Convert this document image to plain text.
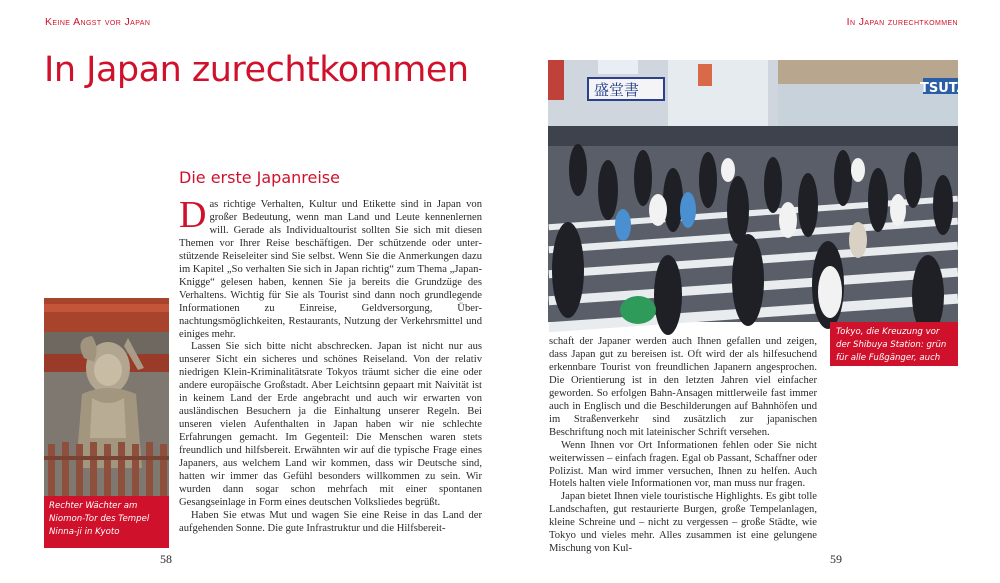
Keine Angst vor Japan
In Japan zurechtkommen
Die erste Japanreise

Das richtige Verhalten, Kultur und Etikette sind in Japan von großer Bedeutung, wenn man Land und Leute kennenlernen will. Gerade als Individualtourist sollten Sie sich mit diesen Themen vor Ihrer Reise beschäftigen. Der schützende oder unterstützende Reiseleiter sind Sie selbst. Wenn Sie die Anmerkungen dazu im Kapitel „So verhalten Sie sich in Japan richtig“ zum Thema „Japan-Knigge“ gelesen haben, kennen Sie ja bereits die Grundzüge des Verhaltens. Wichtig für Sie als Tourist sind dann noch grundlegende Informationen zu Einreise, Geldversorgung, Übernachtungsmöglichkeiten, Restaurants, Nutzung der Verkehrsmittel und einiges mehr.

Lassen Sie sich bitte nicht abschrecken. Japan ist nicht nur aus unserer Sicht ein sicheres und schönes Reiseland. Von der relativ niedrigen Klein-Kriminalitätsrate Tokyos träumt sicher die eine oder andere europäische Großstadt. Aber Leichtsinn gepaart mit Naivität ist in keinem Land der Erde angebracht und auch wir erwarten von ausländischen Besuchern ja die Einhaltung unserer Regeln. Bei unseren vielen Aufenthalten in Japan haben wir nie schlechte Erfahrungen gemacht. Im Gegenteil: Die Menschen waren stets freundlich und hilfsbereit. Erwähnten wir auf die typische Frage eines Japaners, aus welchem Land wir kommen, dass wir Deutsche sind, hatten wir immer das Gefühl besonders willkommen zu sein. Wir wurden dann sogar schon mehrfach mit einer spontanen Gesangseinlage in Form eines deutschen Volksliedes begrüßt.

Haben Sie etwas Mut und wagen Sie eine Reise in das Land der aufgehenden Sonne. Die gute Infrastruktur und die Hilfsbereit-

Rechter Wächter am Niomon-Tor des Tempel Ninna-ji in Kyoto
58
In Japan zurechtkommen
盛堂書	TSUTA
Tokyo, die Kreuzung vor der Shibuya Station: grün für alle Fußgänger, auch diagonal

schaft der Japaner werden auch Ihnen gefallen und zeigen, dass Japan gut zu bereisen ist. Oft wird der als hilfesuchend erkennbare Tourist von freundlichen Japanern angesprochen. Die Orientierung ist in den letzten Jahren viel einfacher geworden. So erfolgen Bahn-Ansagen mittlerweile fast immer auch in Englisch und die Beschilderungen auf Bahnhöfen und im Straßenverkehr sind zusätzlich zur japanischen Beschriftung noch mit lateinischer Schrift versehen.

Wenn Ihnen vor Ort Informationen fehlen oder Sie nicht weiterwissen – einfach fragen. Egal ob Passant, Schaffner oder Polizist. Man wird immer versuchen, Ihnen zu helfen. Auch Hotels halten viele Informationen vor, man muss nur fragen.

Japan bietet Ihnen viele touristische Highlights. Es gibt tolle Landschaften, gut restaurierte Burgen, große Tempelanlagen, kleine Schreine und – nicht zu vergessen – große Städte, wie Tokyo und vieles mehr. Alles zusammen ist eine gelungene Mischung von Kul-

59
